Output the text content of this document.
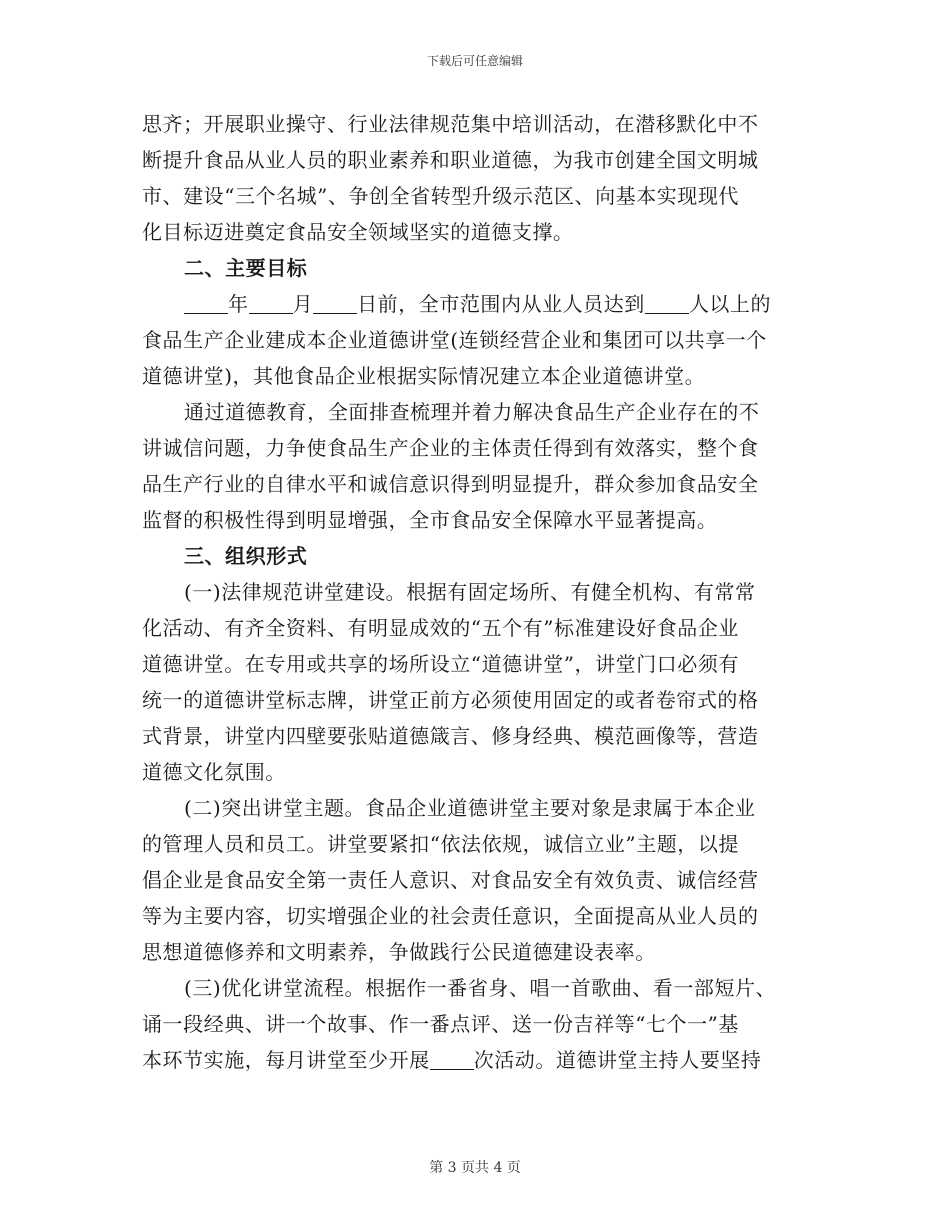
下载后可任意编辑
思齐；开展职业操守、行业法律规范集中培训活动，在潜移默化中不
断提升食品从业人员的职业素养和职业道德，为我市创建全国文明城
市、建设“三个名城”、争创全省转型升级示范区、向基本实现现代
化目标迈进奠定食品安全领域坚实的道德支撑。
二、主要目标
年 月 日前，全市范围内从业人员达到 人以上的
食品生产企业建成本企业道德讲堂(连锁经营企业和集团可以共享一个
道德讲堂)，其他食品企业根据实际情况建立本企业道德讲堂。
通过道德教育，全面排查梳理并着力解决食品生产企业存在的不
讲诚信问题，力争使食品生产企业的主体责任得到有效落实，整个食
品生产行业的自律水平和诚信意识得到明显提升，群众参加食品安全
监督的积极性得到明显增强，全市食品安全保障水平显著提高。
三、组织形式
(一)法律规范讲堂建设。根据有固定场所、有健全机构、有常常
化活动、有齐全资料、有明显成效的“五个有”标准建设好食品企业
道德讲堂。在专用或共享的场所设立“道德讲堂”，讲堂门口必须有
统一的道德讲堂标志牌，讲堂正前方必须使用固定的或者卷帘式的格
式背景，讲堂内四壁要张贴道德箴言、修身经典、模范画像等，营造
道德文化氛围。
(二)突出讲堂主题。食品企业道德讲堂主要对象是隶属于本企业
的管理人员和员工。讲堂要紧扣“依法依规，诚信立业”主题，以提
倡企业是食品安全第一责任人意识、对食品安全有效负责、诚信经营
等为主要内容，切实增强企业的社会责任意识，全面提高从业人员的
思想道德修养和文明素养，争做践行公民道德建设表率。
(三)优化讲堂流程。根据作一番省身、唱一首歌曲、看一部短片、
诵一段经典、讲一个故事、作一番点评、送一份吉祥等“七个一”基
本环节实施，每月讲堂至少开展 次活动。道德讲堂主持人要坚持
第 3 页共 4 页
